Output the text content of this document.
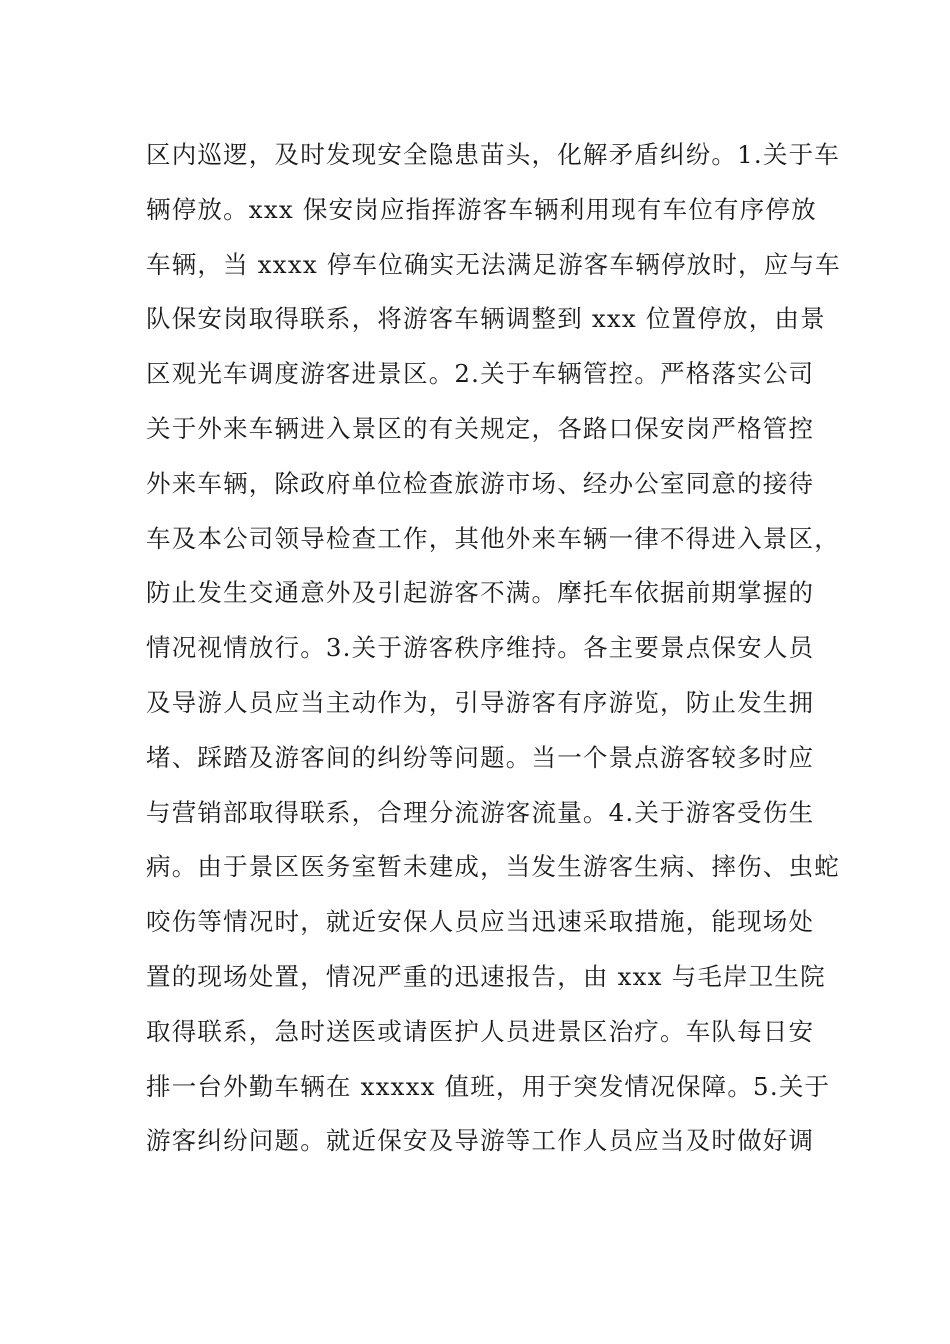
区内巡逻，及时发现安全隐患苗头，化解矛盾纠纷。1.关于车
辆停放。xxx 保安岗应指挥游客车辆利用现有车位有序停放
车辆，当 xxxx 停车位确实无法满足游客车辆停放时，应与车
队保安岗取得联系，将游客车辆调整到 xxx 位置停放，由景
区观光车调度游客进景区。2.关于车辆管控。严格落实公司
关于外来车辆进入景区的有关规定，各路口保安岗严格管控
外来车辆，除政府单位检查旅游市场、经办公室同意的接待
车及本公司领导检查工作，其他外来车辆一律不得进入景区，
防止发生交通意外及引起游客不满。摩托车依据前期掌握的
情况视情放行。3.关于游客秩序维持。各主要景点保安人员
及导游人员应当主动作为，引导游客有序游览，防止发生拥
堵、踩踏及游客间的纠纷等问题。当一个景点游客较多时应
与营销部取得联系，合理分流游客流量。4.关于游客受伤生
病。由于景区医务室暂未建成，当发生游客生病、摔伤、虫蛇
咬伤等情况时，就近安保人员应当迅速采取措施，能现场处
置的现场处置，情况严重的迅速报告，由 xxx 与毛岸卫生院
取得联系，急时送医或请医护人员进景区治疗。车队每日安
排一台外勤车辆在 xxxxx 值班，用于突发情况保障。5.关于
游客纠纷问题。就近保安及导游等工作人员应当及时做好调
